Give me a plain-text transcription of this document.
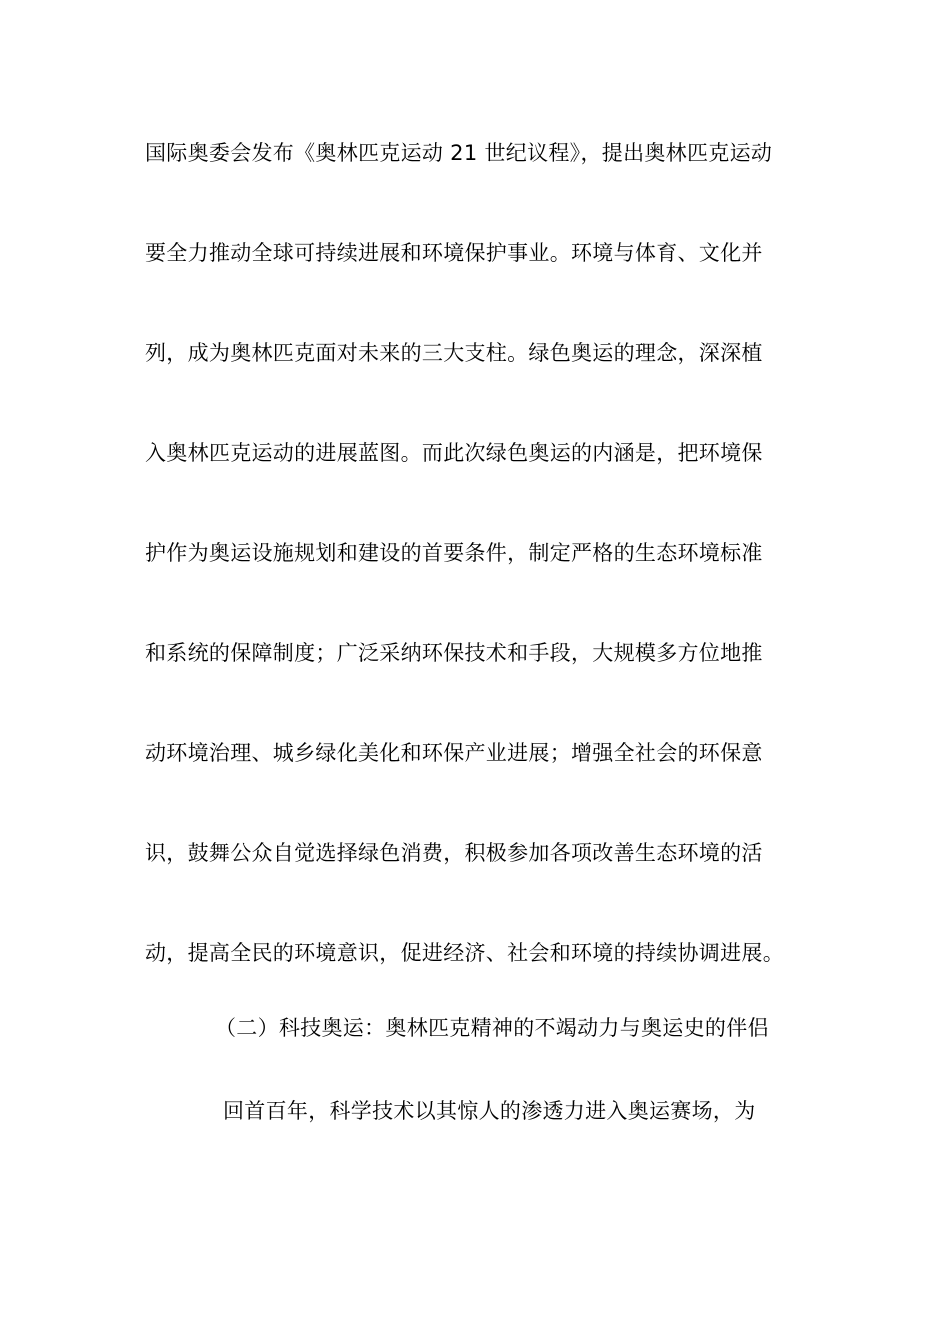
国际奥委会发布《奥林匹克运动 21 世纪议程》，提出奥林匹克运动
要全力推动全球可持续进展和环境保护事业。环境与体育、文化并
列，成为奥林匹克面对未来的三大支柱。绿色奥运的理念，深深植
入奥林匹克运动的进展蓝图。而此次绿色奥运的内涵是，把环境保
护作为奥运设施规划和建设的首要条件，制定严格的生态环境标准
和系统的保障制度；广泛采纳环保技术和手段，大规模多方位地推
动环境治理、城乡绿化美化和环保产业进展；增强全社会的环保意
识，鼓舞公众自觉选择绿色消费，积极参加各项改善生态环境的活
动，提高全民的环境意识，促进经济、社会和环境的持续协调进展。
（二）科技奥运：奥林匹克精神的不竭动力与奥运史的伴侣
回首百年，科学技术以其惊人的渗透力进入奥运赛场，为
